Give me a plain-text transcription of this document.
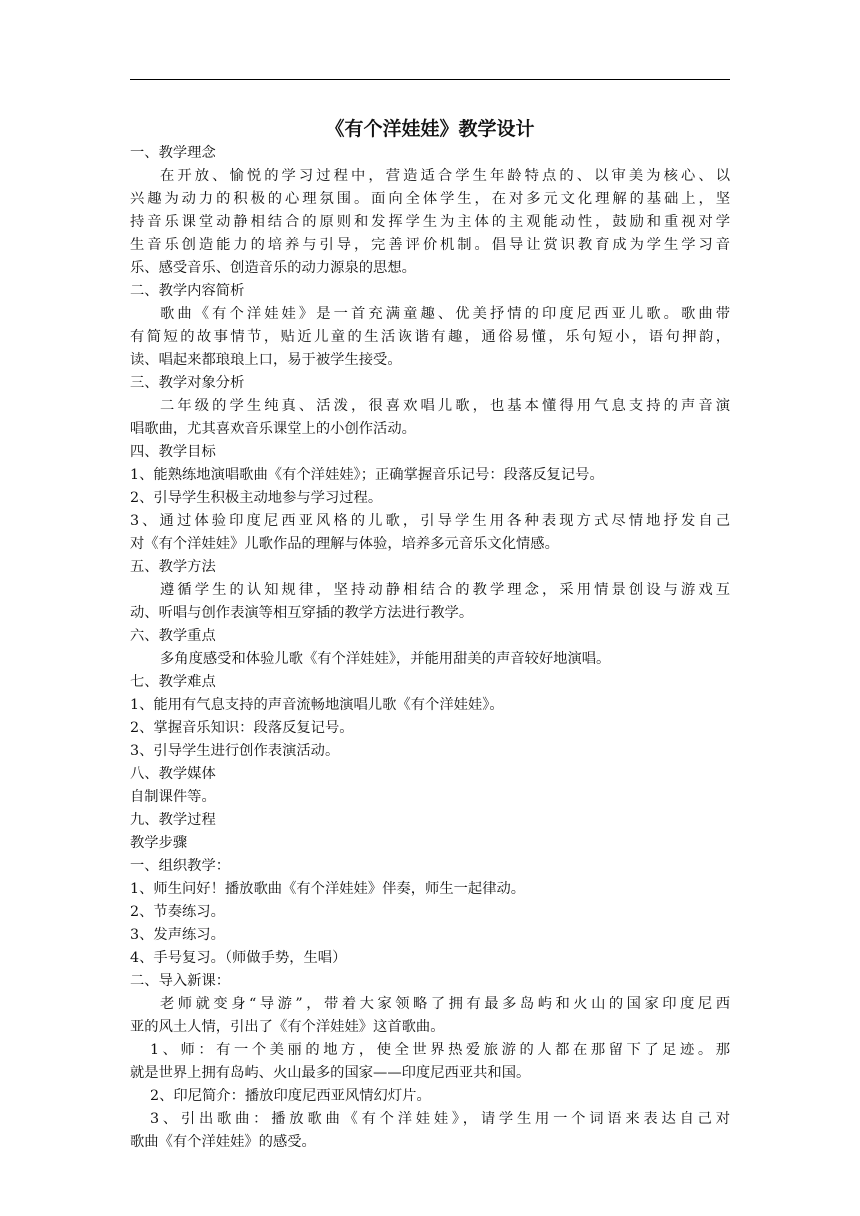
《有个洋娃娃》教学设计

一、教学理念

在开放、愉悦的学习过程中，营造适合学生年龄特点的、以审美为核心、以

兴趣为动力的积极的心理氛围。面向全体学生，在对多元文化理解的基础上，坚

持音乐课堂动静相结合的原则和发挥学生为主体的主观能动性，鼓励和重视对学

生音乐创造能力的培养与引导，完善评价机制。倡导让赏识教育成为学生学习音

乐、感受音乐、创造音乐的动力源泉的思想。

二、教学内容简析

歌曲《有个洋娃娃》是一首充满童趣、优美抒情的印度尼西亚儿歌。歌曲带

有简短的故事情节，贴近儿童的生活诙谐有趣，通俗易懂，乐句短小，语句押韵，

读、唱起来都琅琅上口，易于被学生接受。

三、教学对象分析

二年级的学生纯真、活泼，很喜欢唱儿歌，也基本懂得用气息支持的声音演

唱歌曲，尤其喜欢音乐课堂上的小创作活动。

四、教学目标

1、能熟练地演唱歌曲《有个洋娃娃》；正确掌握音乐记号：段落反复记号。

2、引导学生积极主动地参与学习过程。

3、通过体验印度尼西亚风格的儿歌，引导学生用各种表现方式尽情地抒发自己

对《有个洋娃娃》儿歌作品的理解与体验，培养多元音乐文化情感。

五、教学方法

遵循学生的认知规律，坚持动静相结合的教学理念，采用情景创设与游戏互

动、听唱与创作表演等相互穿插的教学方法进行教学。

六、教学重点

多角度感受和体验儿歌《有个洋娃娃》，并能用甜美的声音较好地演唱。

七、教学难点

1、能用有气息支持的声音流畅地演唱儿歌《有个洋娃娃》。

2、掌握音乐知识：段落反复记号。

3、引导学生进行创作表演活动。

八、教学媒体

自制课件等。

九、教学过程

教学步骤

一、组织教学：

1、师生问好！播放歌曲《有个洋娃娃》伴奏，师生一起律动。

2、节奏练习。

3、发声练习。

4、手号复习。（师做手势，生唱）

二、导入新课：

老师就变身“导游”，带着大家领略了拥有最多岛屿和火山的国家印度尼西

亚的风土人情，引出了《有个洋娃娃》这首歌曲。

1、师：有一个美丽的地方，使全世界热爱旅游的人都在那留下了足迹。那

就是世界上拥有岛屿、火山最多的国家——印度尼西亚共和国。

2、印尼简介：播放印度尼西亚风情幻灯片。

3、引出歌曲：播放歌曲《有个洋娃娃》，请学生用一个词语来表达自己对

歌曲《有个洋娃娃》的感受。
